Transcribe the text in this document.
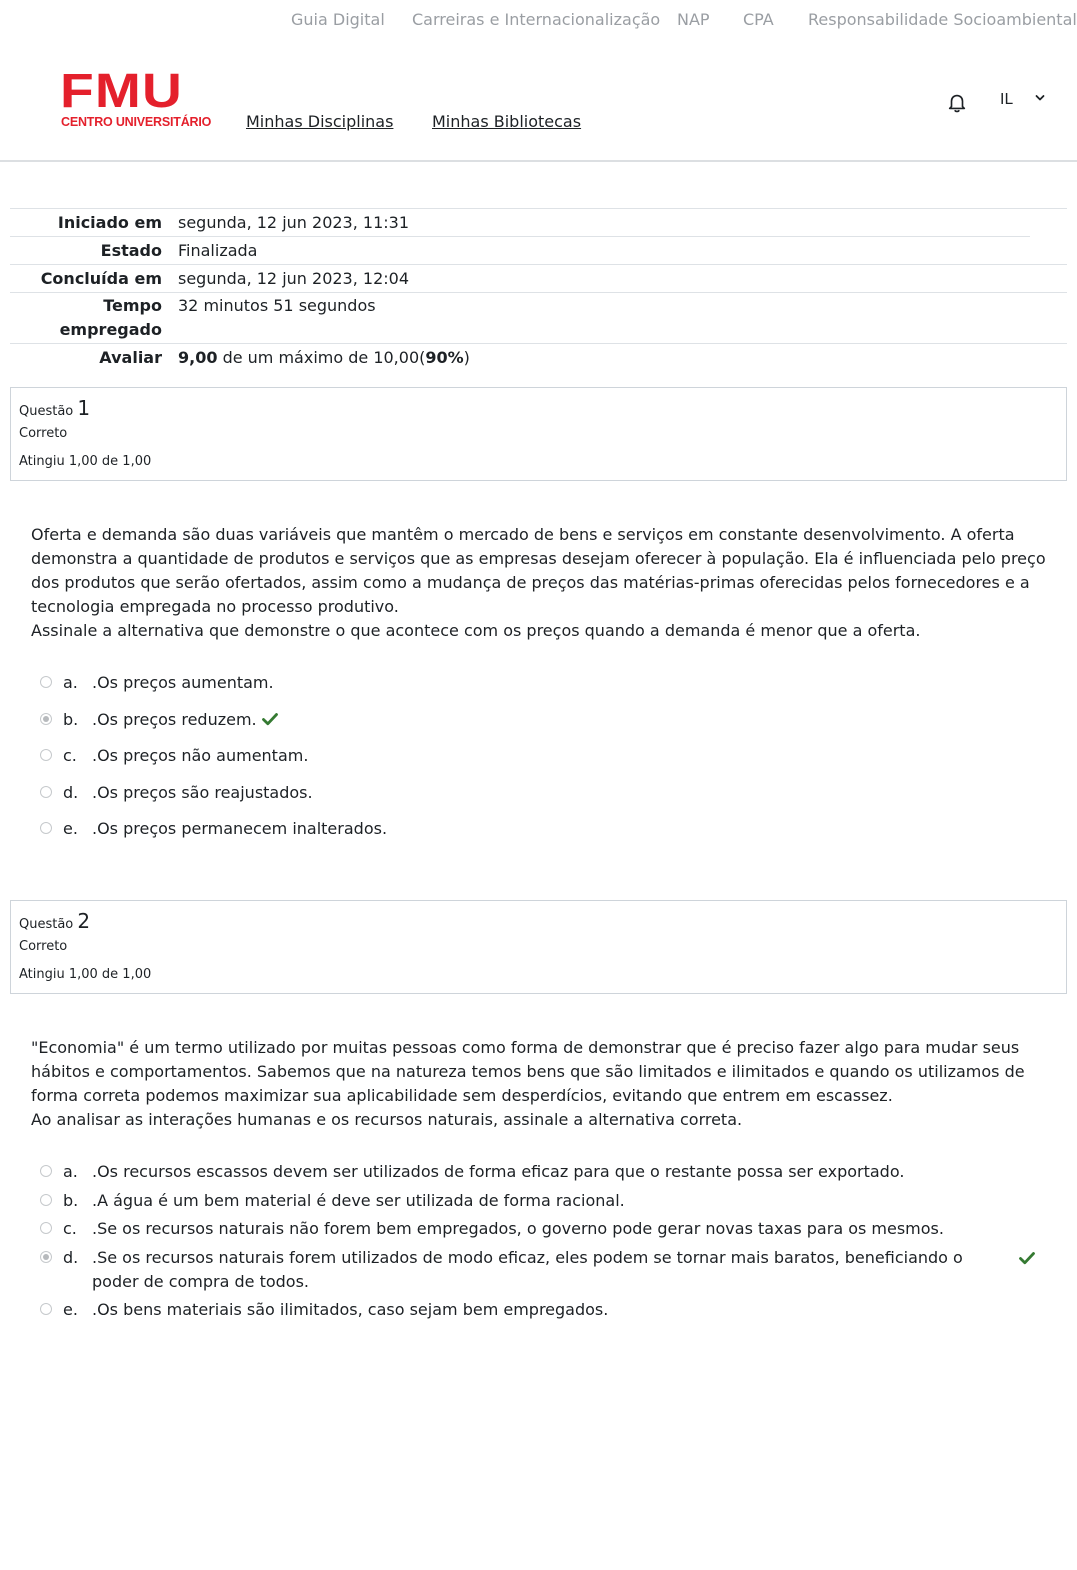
Guia Digital Carreiras e Internacionalização NAP CPA Responsabilidade Socioambiental
FMU
CENTRO UNIVERSITÁRIO Minhas Disciplinas Minhas Bibliotecas
IL
Iniciado em segunda, 12 jun 2023, 11:31
Estado Finalizada
Concluída em segunda, 12 jun 2023, 12:04
Tempo
empregado
32 minutos 51 segundos
Avaliar 9,00 de um máximo de 10,00(90%)
Questão 1
Correto
Atingiu 1,00 de 1,00

Oferta e demanda são duas variáveis que mantêm o mercado de bens e serviços em constante desenvolvimento. A oferta demonstra a quantidade de produtos e serviços que as empresas desejam oferecer à população. Ela é influenciada pelo preço dos produtos que serão ofertados, assim como a mudança de preços das matérias-primas oferecidas pelos fornecedores e a tecnologia empregada no processo produtivo.

Assinale a alternativa que demonstre o que acontece com os preços quando a demanda é menor que a oferta.

a. .Os preços aumentam.
b. .Os preços reduzem.
c. .Os preços não aumentam.
d. .Os preços são reajustados.
e. .Os preços permanecem inalterados.
Questão 2
Correto
Atingiu 1,00 de 1,00

"Economia" é um termo utilizado por muitas pessoas como forma de demonstrar que é preciso fazer algo para mudar seus hábitos e comportamentos. Sabemos que na natureza temos bens que são limitados e ilimitados e quando os utilizamos de forma correta podemos maximizar sua aplicabilidade sem desperdícios, evitando que entrem em escassez.

Ao analisar as interações humanas e os recursos naturais, assinale a alternativa correta.

a. .Os recursos escassos devem ser utilizados de forma eficaz para que o restante possa ser exportado.
b. .A água é um bem material é deve ser utilizada de forma racional.
c. .Se os recursos naturais não forem bem empregados, o governo pode gerar novas taxas para os mesmos.
d. .Se os recursos naturais forem utilizados de modo eficaz, eles podem se tornar mais baratos, beneficiando o poder de compra de todos.
e. .Os bens materiais são ilimitados, caso sejam bem empregados.
